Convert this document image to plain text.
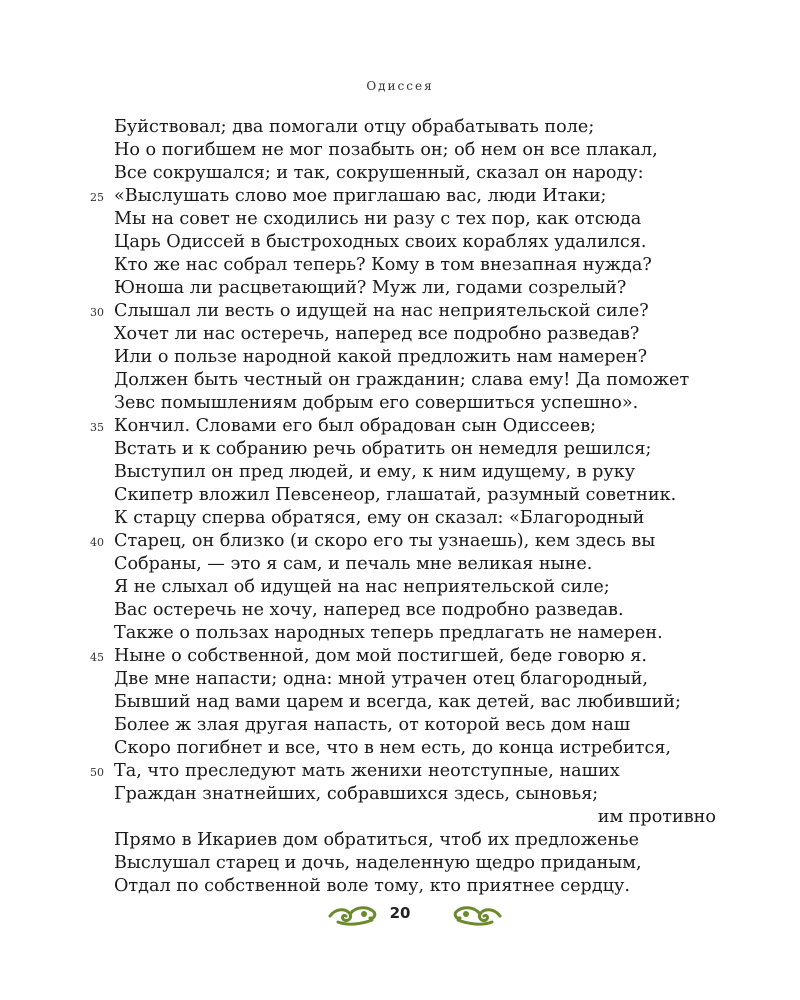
Одиссея
Буйствовал; два помогали отцу обрабатывать поле;
Но о погибшем не мог позабыть он; об нем он все плакал,
Все сокрушался; и так, сокрушенный, сказал он народу:
25 «Выслушать слово мое приглашаю вас, люди Итаки;
Мы на совет не сходились ни разу с тех пор, как отсюда
Царь Одиссей в быстроходных своих кораблях удалился.
Кто же нас собрал теперь? Кому в том внезапная нужда?
Юноша ли расцветающий? Муж ли, годами созрелый?
30 Слышал ли весть о идущей на нас неприятельской силе?
Хочет ли нас остеречь, наперед все подробно разведав?
Или о пользе народной какой предложить нам намерен?
Должен быть честный он гражданин; слава ему! Да поможет
Зевс помышлениям добрым его совершиться успешно».
35 Кончил. Словами его был обрадован сын Одиссеев;
Встать и к собранию речь обратить он немедля решился;
Выступил он пред людей, и ему, к ним идущему, в руку
Скипетр вложил Певсенеор, глашатай, разумный советник.
К старцу сперва обратяся, ему он сказал: «Благородный
40 Старец, он близко (и скоро его ты узнаешь), кем здесь вы
Собраны, — это я сам, и печаль мне великая ныне.
Я не слыхал об идущей на нас неприятельской силе;
Вас остеречь не хочу, наперед все подробно разведав.
Также о пользах народных теперь предлагать не намерен.
45 Ныне о собственной, дом мой постигшей, беде говорю я.
Две мне напасти; одна: мной утрачен отец благородный,
Бывший над вами царем и всегда, как детей, вас любивший;
Более ж злая другая напасть, от которой весь дом наш
Скоро погибнет и все, что в нем есть, до конца истребится,
50 Та, что преследуют мать женихи неотступные, наших
Граждан знатнейших, собравшихся здесь, сыновья;
им противно
Прямо в Икариев дом обратиться, чтоб их предложенье
Выслушал старец и дочь, наделенную щедро приданым,
Отдал по собственной воле тому, кто приятнее сердцу.
20
